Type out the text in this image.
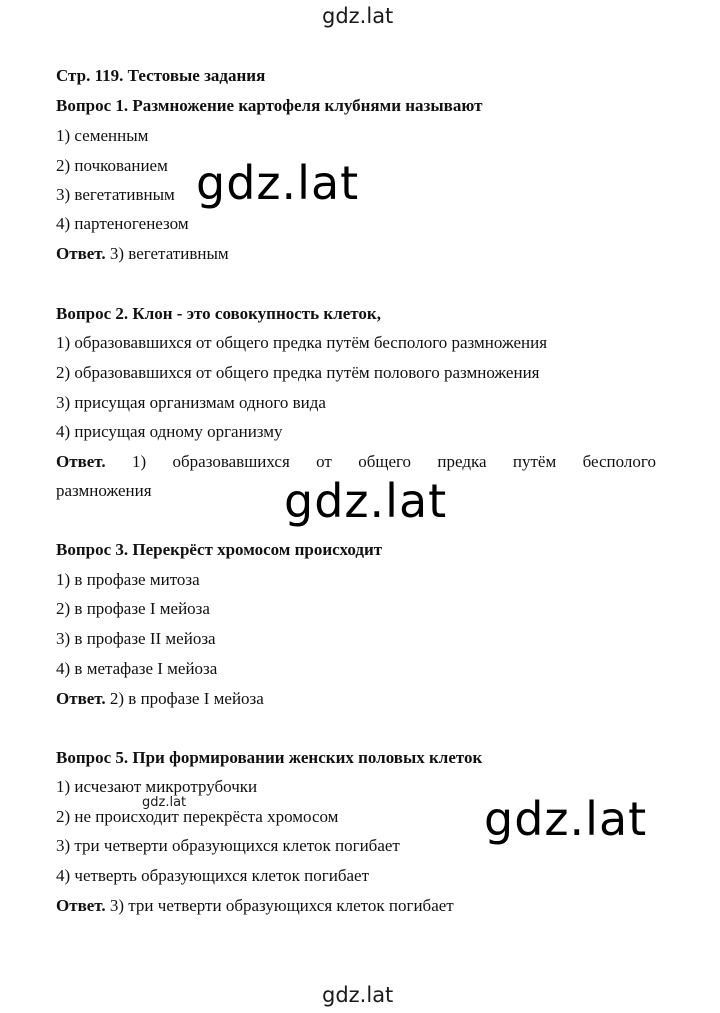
gdz.lat
Стр. 119. Тестовые задания
Вопрос 1. Размножение картофеля клубнями называют
1) семенным
2) почкованием
3) вегетативным
4) партеногенезом
Ответ. 3) вегетативным
Вопрос 2. Клон - это совокупность клеток,
1) образовавшихся от общего предка путём бесполого размножения
2) образовавшихся от общего предка путём полового размножения
3) присущая организмам одного вида
4) присущая одному организму
Ответ. 1) образовавшихся от общего предка путём бесполого
размножения
Вопрос 3. Перекрёст хромосом происходит
1) в профазе митоза
2) в профазе I мейоза
3) в профазе II мейоза
4) в метафазе I мейоза
Ответ. 2) в профазе I мейоза
Вопрос 5. При формировании женских половых клеток
1) исчезают микротрубочки
2) не происходит перекрёста хромосом
3) три четверти образующихся клеток погибает
4) четверть образующихся клеток погибает
Ответ. 3) три четверти образующихся клеток погибает
gdz.lat
gdz.lat
gdz.lat
gdz.lat
gdz.lat
